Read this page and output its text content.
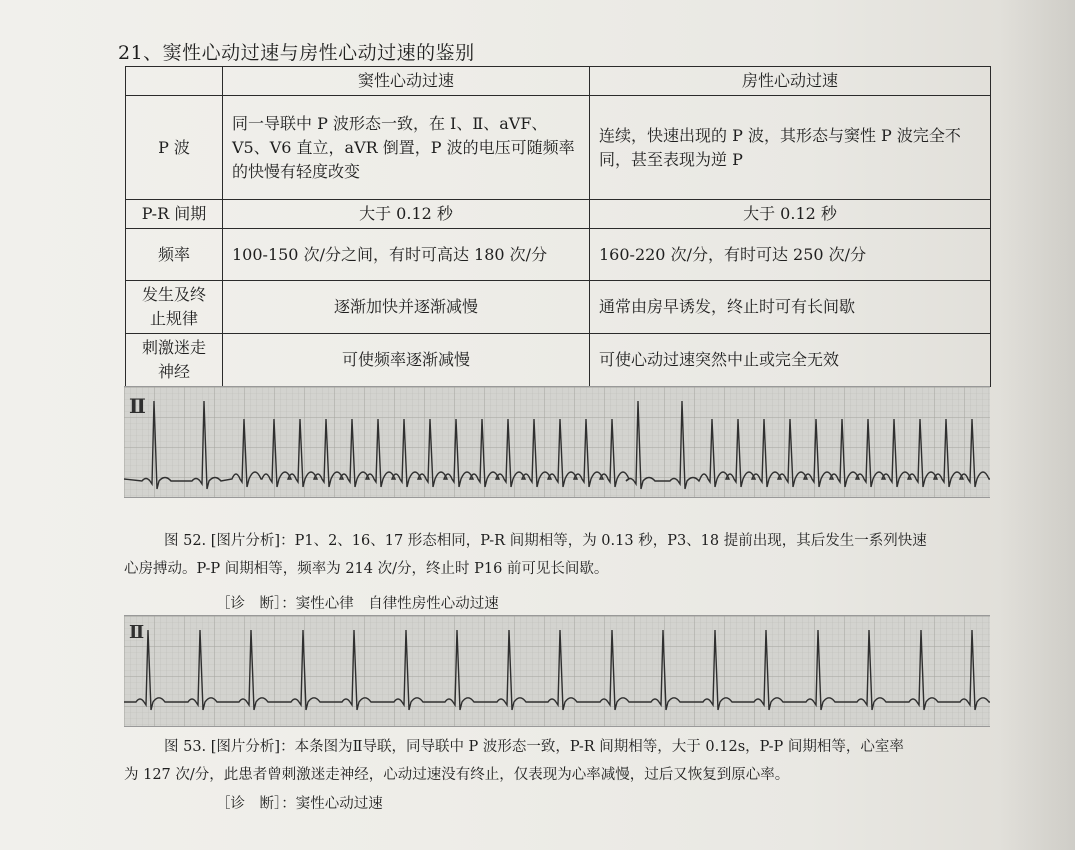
21、窦性心动过速与房性心动过速的鉴别
	窦性心动过速	房性心动过速
P 波	同一导联中 P 波形态一致，在 Ⅰ、Ⅱ、aVF、V5、V6 直立，aVR 倒置，P 波的电压可随频率的快慢有轻度改变	连续，快速出现的 P 波，其形态与窦性 P 波完全不同，甚至表现为逆 P
P-R 间期	大于 0.12 秒	大于 0.12 秒
频率	100-150 次/分之间，有时可高达 180 次/分	160-220 次/分，有时可达 250 次/分
发生及终止规律	逐渐加快并逐渐减慢	通常由房早诱发，终止时可有长间歇
刺激迷走神经	可使频率逐渐减慢	可使心动过速突然中止或完全无效
Ⅱ
图 52. [图片分析]：P1、2、16、17 形态相同，P-R 间期相等，为 0.13 秒，P3、18 提前出现，其后发生一系列快速
心房搏动。P-P 间期相等，频率为 214 次/分，终止时 P16 前可见长间歇。
［诊　断］：窦性心律　自律性房性心动过速
Ⅱ
图 53. [图片分析]：本条图为Ⅱ导联，同导联中 P 波形态一致，P-R 间期相等，大于 0.12s，P-P 间期相等，心室率
为 127 次/分，此患者曾刺激迷走神经，心动过速没有终止，仅表现为心率减慢，过后又恢复到原心率。
［诊　断］：窦性心动过速
